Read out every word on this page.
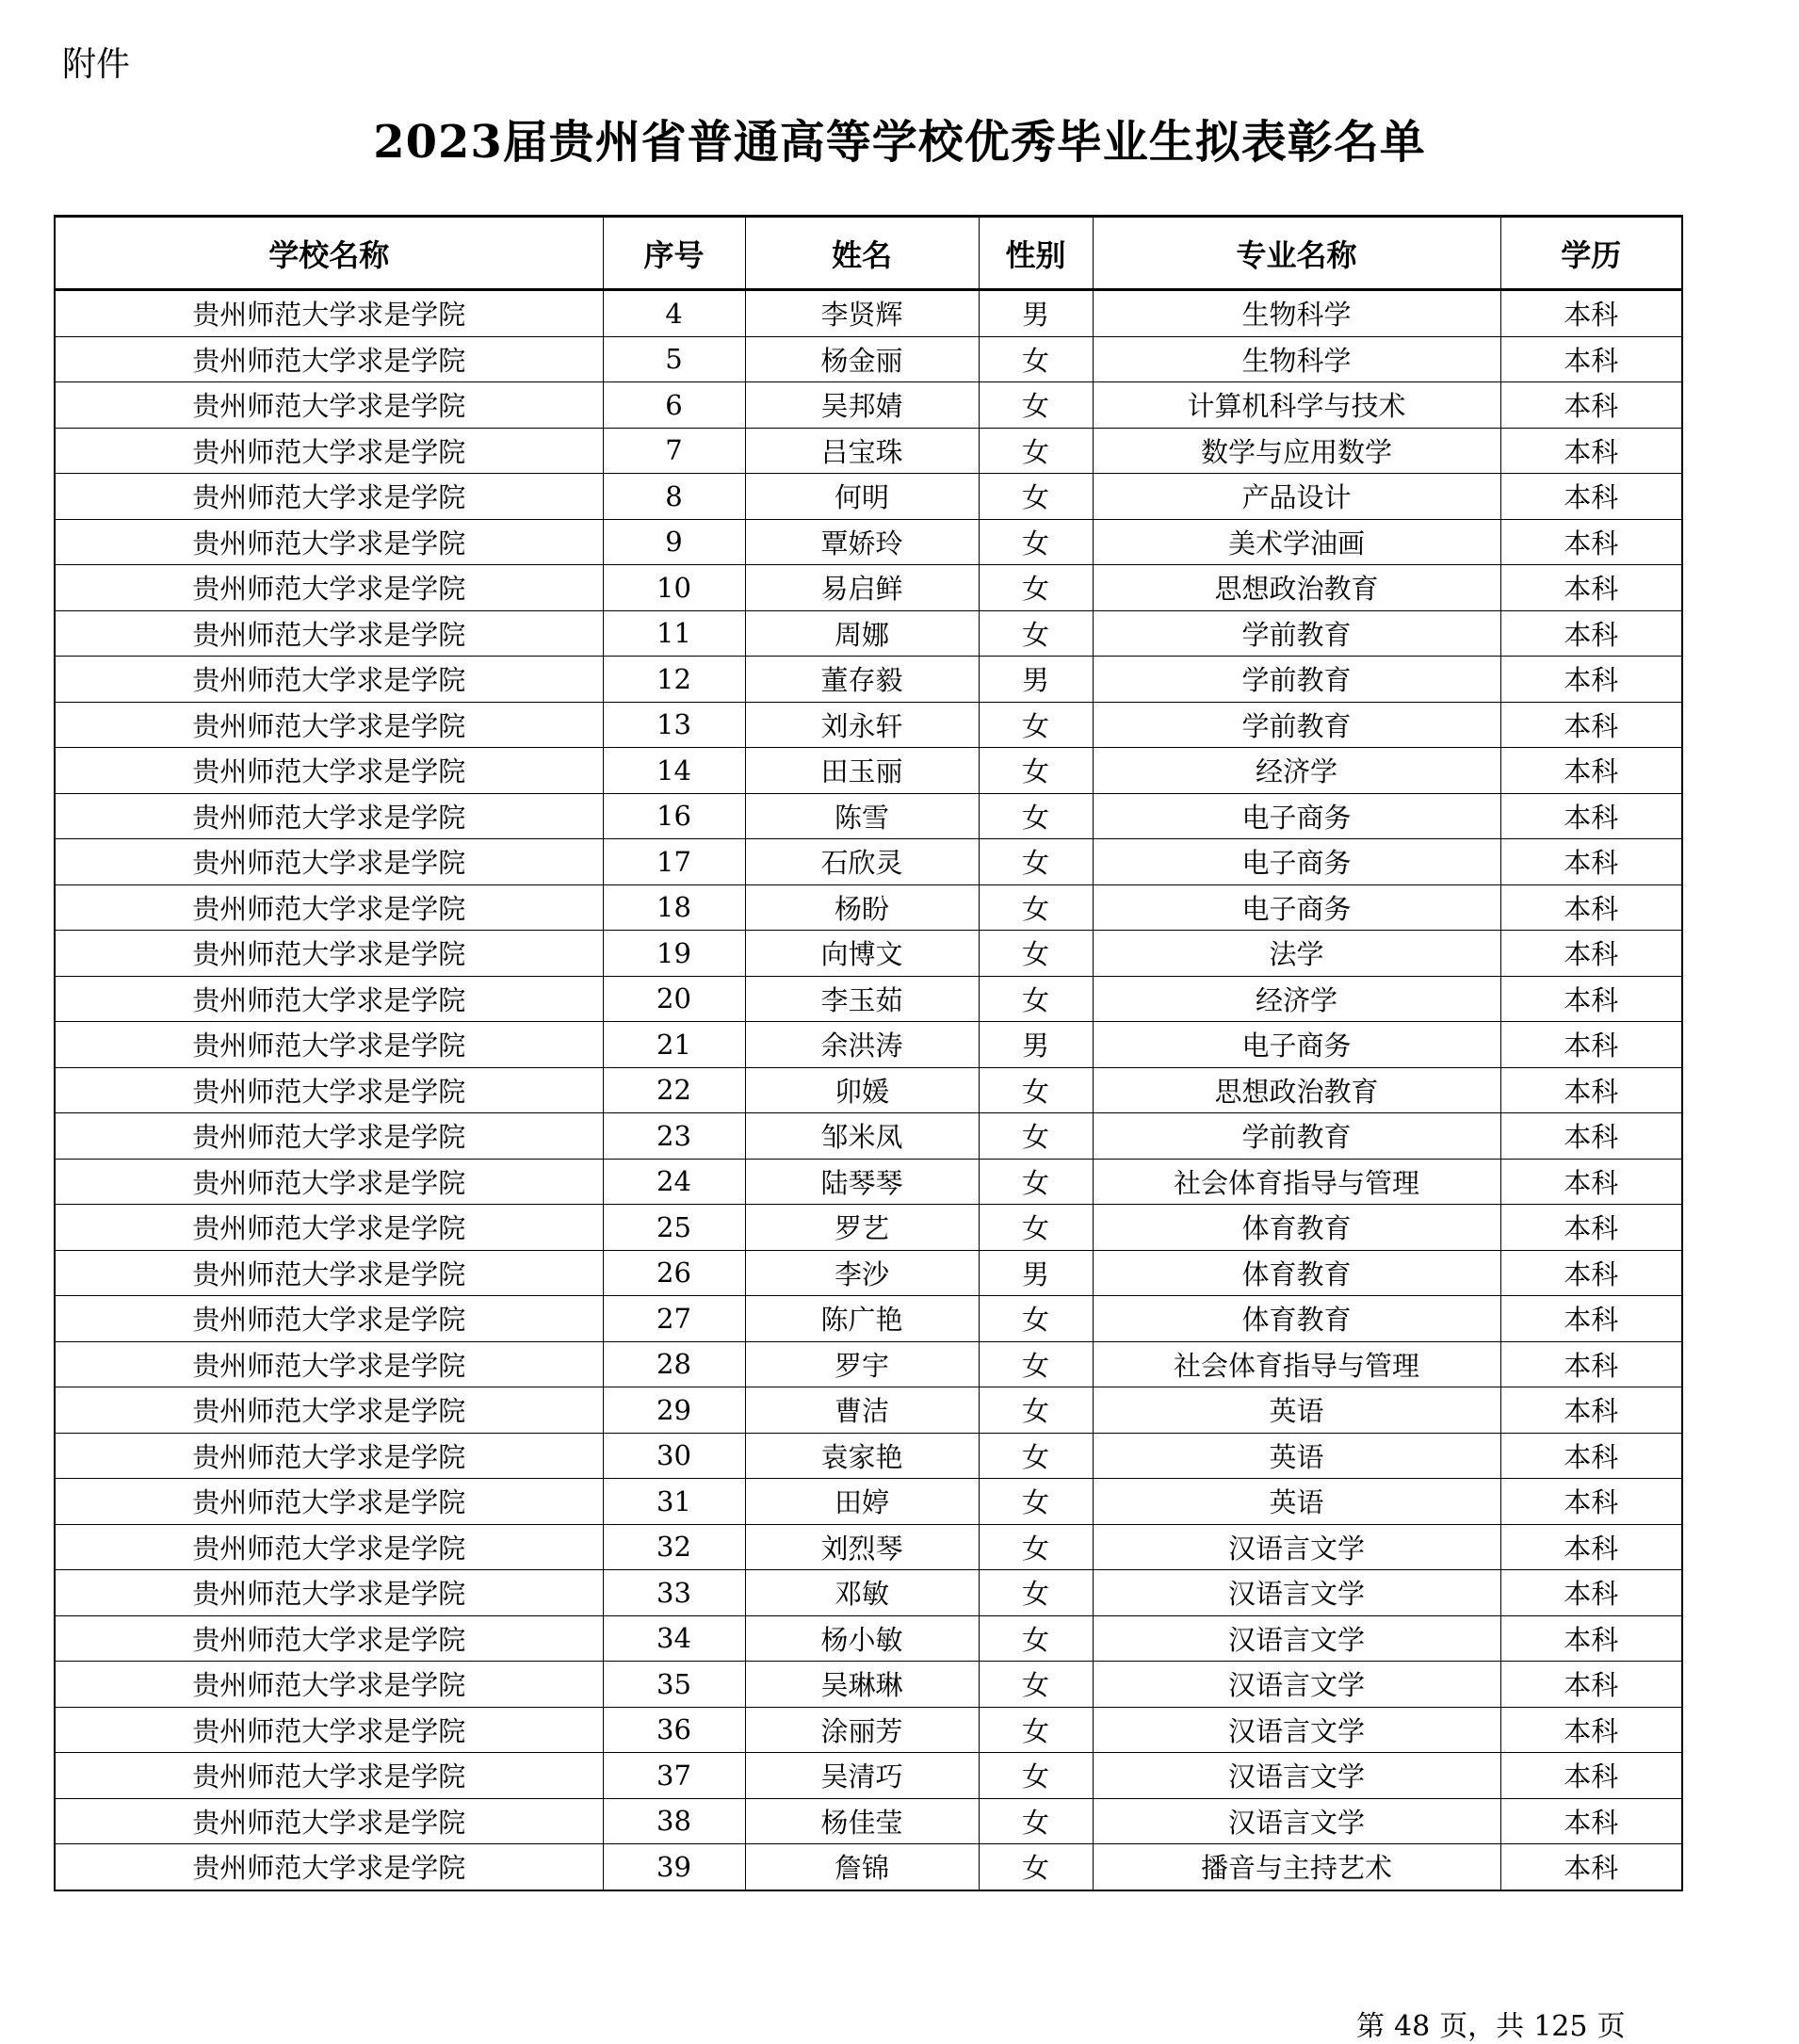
附件
2023届贵州省普通高等学校优秀毕业生拟表彰名单
学校名称	序号	姓名	性别	专业名称	学历
贵州师范大学求是学院	4	李贤辉	男	生物科学	本科
贵州师范大学求是学院	5	杨金丽	女	生物科学	本科
贵州师范大学求是学院	6	吴邦婧	女	计算机科学与技术	本科
贵州师范大学求是学院	7	吕宝珠	女	数学与应用数学	本科
贵州师范大学求是学院	8	何明	女	产品设计	本科
贵州师范大学求是学院	9	覃娇玲	女	美术学油画	本科
贵州师范大学求是学院	10	易启鲜	女	思想政治教育	本科
贵州师范大学求是学院	11	周娜	女	学前教育	本科
贵州师范大学求是学院	12	董存毅	男	学前教育	本科
贵州师范大学求是学院	13	刘永轩	女	学前教育	本科
贵州师范大学求是学院	14	田玉丽	女	经济学	本科
贵州师范大学求是学院	16	陈雪	女	电子商务	本科
贵州师范大学求是学院	17	石欣灵	女	电子商务	本科
贵州师范大学求是学院	18	杨盼	女	电子商务	本科
贵州师范大学求是学院	19	向博文	女	法学	本科
贵州师范大学求是学院	20	李玉茹	女	经济学	本科
贵州师范大学求是学院	21	余洪涛	男	电子商务	本科
贵州师范大学求是学院	22	卯媛	女	思想政治教育	本科
贵州师范大学求是学院	23	邹米凤	女	学前教育	本科
贵州师范大学求是学院	24	陆琴琴	女	社会体育指导与管理	本科
贵州师范大学求是学院	25	罗艺	女	体育教育	本科
贵州师范大学求是学院	26	李沙	男	体育教育	本科
贵州师范大学求是学院	27	陈广艳	女	体育教育	本科
贵州师范大学求是学院	28	罗宇	女	社会体育指导与管理	本科
贵州师范大学求是学院	29	曹洁	女	英语	本科
贵州师范大学求是学院	30	袁家艳	女	英语	本科
贵州师范大学求是学院	31	田婷	女	英语	本科
贵州师范大学求是学院	32	刘烈琴	女	汉语言文学	本科
贵州师范大学求是学院	33	邓敏	女	汉语言文学	本科
贵州师范大学求是学院	34	杨小敏	女	汉语言文学	本科
贵州师范大学求是学院	35	吴琳琳	女	汉语言文学	本科
贵州师范大学求是学院	36	涂丽芳	女	汉语言文学	本科
贵州师范大学求是学院	37	吴清巧	女	汉语言文学	本科
贵州师范大学求是学院	38	杨佳莹	女	汉语言文学	本科
贵州师范大学求是学院	39	詹锦	女	播音与主持艺术	本科
第 48 页，共 125 页
